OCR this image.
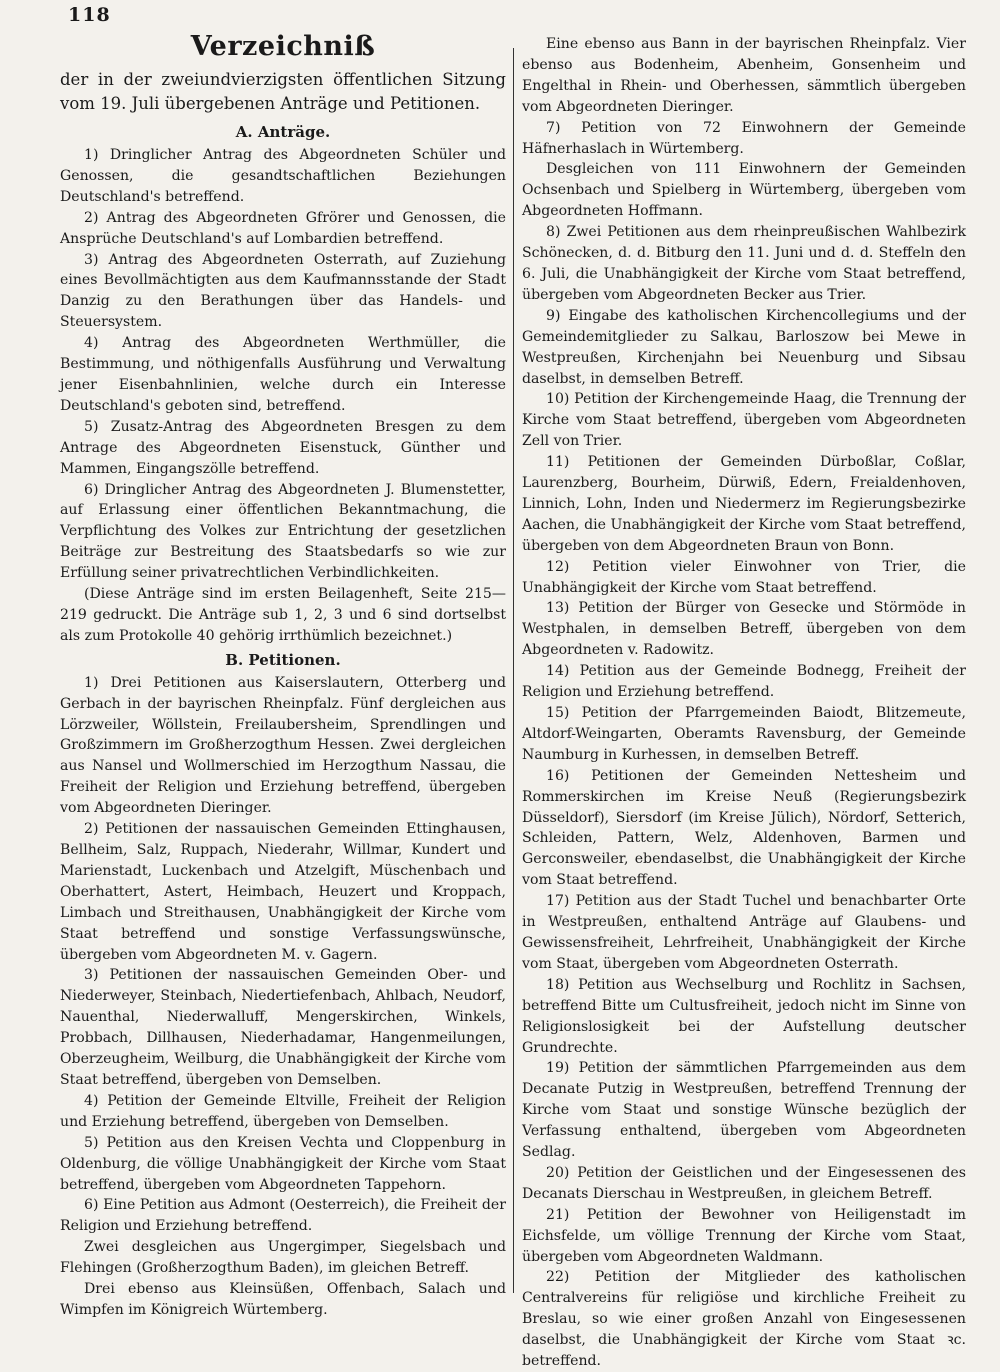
118
Verzeichniß
der in der zweiundvierzigsten öffentlichen Sitzung vom 19. Juli übergebenen Anträge und Petitionen.
A. Anträge.

1) Dringlicher Antrag des Abgeordneten Schüler und Genossen, die gesandtschaftlichen Beziehungen Deutschland's betreffend.

2) Antrag des Abgeordneten Gfrörer und Genossen, die Ansprüche Deutschland's auf Lombardien betreffend.

3) Antrag des Abgeordneten Osterrath, auf Zuziehung eines Bevollmächtigten aus dem Kaufmannsstande der Stadt Danzig zu den Berathungen über das Handels- und Steuersystem.

4) Antrag des Abgeordneten Werthmüller, die Bestimmung, und nöthigenfalls Ausführung und Verwaltung jener Eisenbahnlinien, welche durch ein Interesse Deutschland's geboten sind, betreffend.

5) Zusatz-Antrag des Abgeordneten Bresgen zu dem Antrage des Abgeordneten Eisenstuck, Günther und Mammen, Eingangszölle betreffend.

6) Dringlicher Antrag des Abgeordneten J. Blumenstetter, auf Erlassung einer öffentlichen Bekanntmachung, die Verpflichtung des Volkes zur Entrichtung der gesetzlichen Beiträge zur Bestreitung des Staatsbedarfs so wie zur Erfüllung seiner privatrechtlichen Verbindlichkeiten.

(Diese Anträge sind im ersten Beilagenheft, Seite 215—219 gedruckt. Die Anträge sub 1, 2, 3 und 6 sind dortselbst als zum Protokolle 40 gehörig irrthümlich bezeichnet.)

B. Petitionen.

1) Drei Petitionen aus Kaiserslautern, Otterberg und Gerbach in der bayrischen Rheinpfalz. Fünf dergleichen aus Lörzweiler, Wöllstein, Freilaubersheim, Sprendlingen und Großzimmern im Großherzogthum Hessen. Zwei dergleichen aus Nansel und Wollmerschied im Herzogthum Nassau, die Freiheit der Religion und Erziehung betreffend, übergeben vom Abgeordneten Dieringer.

2) Petitionen der nassauischen Gemeinden Ettinghausen, Bellheim, Salz, Ruppach, Niederahr, Willmar, Kundert und Marienstadt, Luckenbach und Atzelgift, Müschenbach und Oberhattert, Astert, Heimbach, Heuzert und Kroppach, Limbach und Streithausen, Unabhängigkeit der Kirche vom Staat betreffend und sonstige Verfassungswünsche, übergeben vom Abgeordneten M. v. Gagern.

3) Petitionen der nassauischen Gemeinden Ober- und Niederweyer, Steinbach, Niedertiefenbach, Ahlbach, Neudorf, Nauenthal, Niederwalluff, Mengerskirchen, Winkels, Probbach, Dillhausen, Niederhadamar, Hangenmeilungen, Oberzeugheim, Weilburg, die Unabhängigkeit der Kirche vom Staat betreffend, übergeben von Demselben.

4) Petition der Gemeinde Eltville, Freiheit der Religion und Erziehung betreffend, übergeben von Demselben.

5) Petition aus den Kreisen Vechta und Cloppenburg in Oldenburg, die völlige Unabhängigkeit der Kirche vom Staat betreffend, übergeben vom Abgeordneten Tappehorn.

6) Eine Petition aus Admont (Oesterreich), die Freiheit der Religion und Erziehung betreffend.

Zwei desgleichen aus Ungergimper, Siegelsbach und Flehingen (Großherzogthum Baden), im gleichen Betreff.

Drei ebenso aus Kleinsüßen, Offenbach, Salach und Wimpfen im Königreich Würtemberg.

Eine ebenso aus Bann in der bayrischen Rheinpfalz. Vier ebenso aus Bodenheim, Abenheim, Gonsenheim und Engelthal in Rhein- und Oberhessen, sämmtlich übergeben vom Abgeordneten Dieringer.

7) Petition von 72 Einwohnern der Gemeinde Häfnerhaslach in Würtemberg.

Desgleichen von 111 Einwohnern der Gemeinden Ochsenbach und Spielberg in Würtemberg, übergeben vom Abgeordneten Hoffmann.

8) Zwei Petitionen aus dem rheinpreußischen Wahlbezirk Schönecken, d. d. Bitburg den 11. Juni und d. d. Steffeln den 6. Juli, die Unabhängigkeit der Kirche vom Staat betreffend, übergeben vom Abgeordneten Becker aus Trier.

9) Eingabe des katholischen Kirchencollegiums und der Gemeindemitglieder zu Salkau, Barloszow bei Mewe in Westpreußen, Kirchenjahn bei Neuenburg und Sibsau daselbst, in demselben Betreff.

10) Petition der Kirchengemeinde Haag, die Trennung der Kirche vom Staat betreffend, übergeben vom Abgeordneten Zell von Trier.

11) Petitionen der Gemeinden Dürboßlar, Coßlar, Laurenzberg, Bourheim, Dürwiß, Edern, Freialdenhoven, Linnich, Lohn, Inden und Niedermerz im Regierungsbezirke Aachen, die Unabhängigkeit der Kirche vom Staat betreffend, übergeben von dem Abgeordneten Braun von Bonn.

12) Petition vieler Einwohner von Trier, die Unabhängigkeit der Kirche vom Staat betreffend.

13) Petition der Bürger von Gesecke und Störmöde in Westphalen, in demselben Betreff, übergeben von dem Abgeordneten v. Radowitz.

14) Petition aus der Gemeinde Bodnegg, Freiheit der Religion und Erziehung betreffend.

15) Petition der Pfarrgemeinden Baiodt, Blitzemeute, Altdorf-Weingarten, Oberamts Ravensburg, der Gemeinde Naumburg in Kurhessen, in demselben Betreff.

16) Petitionen der Gemeinden Nettesheim und Rommerskirchen im Kreise Neuß (Regierungsbezirk Düsseldorf), Siersdorf (im Kreise Jülich), Nördorf, Setterich, Schleiden, Pattern, Welz, Aldenhoven, Barmen und Gerconsweiler, ebendaselbst, die Unabhängigkeit der Kirche vom Staat betreffend.

17) Petition aus der Stadt Tuchel und benachbarter Orte in Westpreußen, enthaltend Anträge auf Glaubens- und Gewissensfreiheit, Lehrfreiheit, Unabhängigkeit der Kirche vom Staat, übergeben vom Abgeordneten Osterrath.

18) Petition aus Wechselburg und Rochlitz in Sachsen, betreffend Bitte um Cultusfreiheit, jedoch nicht im Sinne von Religionslosigkeit bei der Aufstellung deutscher Grundrechte.

19) Petition der sämmtlichen Pfarrgemeinden aus dem Decanate Putzig in Westpreußen, betreffend Trennung der Kirche vom Staat und sonstige Wünsche bezüglich der Verfassung enthaltend, übergeben vom Abgeordneten Sedlag.

20) Petition der Geistlichen und der Eingesessenen des Decanats Dierschau in Westpreußen, in gleichem Betreff.

21) Petition der Bewohner von Heiligenstadt im Eichsfelde, um völlige Trennung der Kirche vom Staat, übergeben vom Abgeordneten Waldmann.

22) Petition der Mitglieder des katholischen Centralvereins für religiöse und kirchliche Freiheit zu Breslau, so wie einer großen Anzahl von Eingesessenen daselbst, die Unabhängigkeit der Kirche vom Staat ꝛc. betreffend.
